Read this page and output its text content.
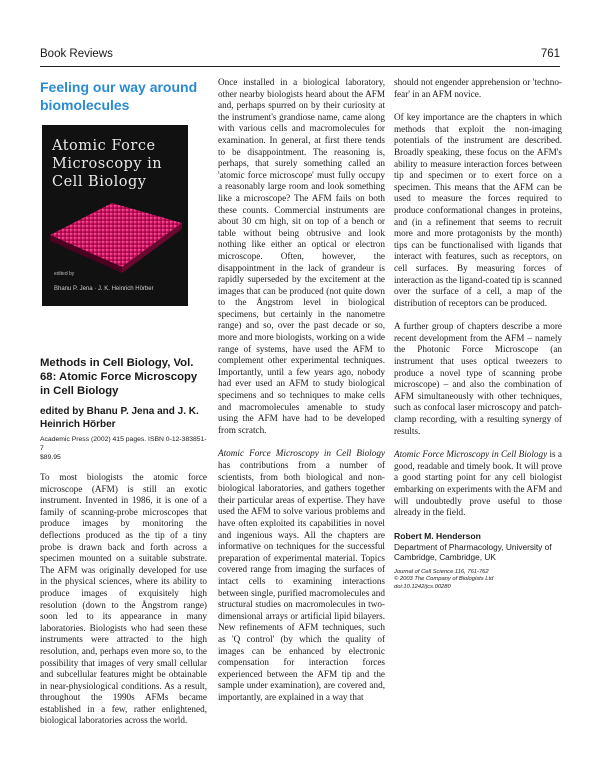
Book Reviews	761
Feeling our way around biomolecules
Atomic Force Microscopy in Cell Biology
edited by
Bhanu P. Jena · J. K. Heinrich Hörber
Methods in Cell Biology, Vol. 68: Atomic Force Microscopy in Cell Biology
edited by Bhanu P. Jena and J. K. Heinrich Hörber
Academic Press (2002) 415 pages. ISBN 0-12-383851-7
$89.95

To most biologists the atomic force microscope (AFM) is still an exotic instrument. Invented in 1986, it is one of a family of scanning-probe microscopes that produce images by monitoring the deflections produced as the tip of a tiny probe is drawn back and forth across a specimen mounted on a suitable substrate. The AFM was originally developed for use in the physical sciences, where its ability to produce images of exquisitely high resolution (down to the Ångstrom range) soon led to its appearance in many laboratories. Biologists who had seen these instruments were attracted to the high resolution, and, perhaps even more so, to the possibility that images of very small cellular and subcellular features might be obtainable in near-physiological conditions. As a result, throughout the 1990s AFMs became established in a few, rather enlightened, biological laboratories across the world.

Once installed in a biological laboratory, other nearby biologists heard about the AFM and, perhaps spurred on by their curiosity at the instrument's grandiose name, came along with various cells and macromolecules for examination. In general, at first there tends to be disappointment. The reasoning is, perhaps, that surely something called an 'atomic force microscope' must fully occupy a reasonably large room and look something like a microscope? The AFM fails on both these counts. Commercial instruments are about 30 cm high, sit on top of a bench or table without being obtrusive and look nothing like either an optical or electron microscope. Often, however, the disappointment in the lack of grandeur is rapidly superseded by the excitement at the images that can be produced (not quite down to the Ångstrom level in biological specimens, but certainly in the nanometre range) and so, over the past decade or so, more and more biologists, working on a wide range of systems, have used the AFM to complement other experimental techniques. Importantly, until a few years ago, nobody had ever used an AFM to study biological specimens and so techniques to make cells and macromolecules amenable to study using the AFM have had to be developed from scratch.

Atomic Force Microscopy in Cell Biology has contributions from a number of scientists, from both biological and non-biological laboratories, and gathers together their particular areas of expertise. They have used the AFM to solve various problems and have often exploited its capabilities in novel and ingenious ways. All the chapters are informative on techniques for the successful preparation of experimental material. Topics covered range from imaging the surfaces of intact cells to examining interactions between single, purified macromolecules and structural studies on macromolecules in two-dimensional arrays or artificial lipid bilayers. New refinements of AFM techniques, such as 'Q control' (by which the quality of images can be enhanced by electronic compensation for interaction forces experienced between the AFM tip and the sample under examination), are covered and, importantly, are explained in a way that

should not engender apprehension or 'techno-fear' in an AFM novice.

Of key importance are the chapters in which methods that exploit the non-imaging potentials of the instrument are described. Broadly speaking, these focus on the AFM's ability to measure interaction forces between tip and specimen or to exert force on a specimen. This means that the AFM can be used to measure the forces required to produce conformational changes in proteins, and (in a refinement that seems to recruit more and more protagonists by the month) tips can be functionalised with ligands that interact with features, such as receptors, on cell surfaces. By measuring forces of interaction as the ligand-coated tip is scanned over the surface of a cell, a map of the distribution of receptors can be produced.

A further group of chapters describe a more recent development from the AFM – namely the Photonic Force Microscope (an instrument that uses optical tweezers to produce a novel type of scanning probe microscope) – and also the combination of AFM simultaneously with other techniques, such as confocal laser microscopy and patch-clamp recording, with a resulting synergy of results.

Atomic Force Microscopy in Cell Biology is a good, readable and timely book. It will prove a good starting point for any cell biologist embarking on experiments with the AFM and will undoubtedly prove useful to those already in the field.

Robert M. Henderson
Department of Pharmacology, University of Cambridge, Cambridge, UK
Journal of Cell Science 116, 761-762
© 2003 The Company of Biologists Ltd
doi:10.1242/jcs.00280
